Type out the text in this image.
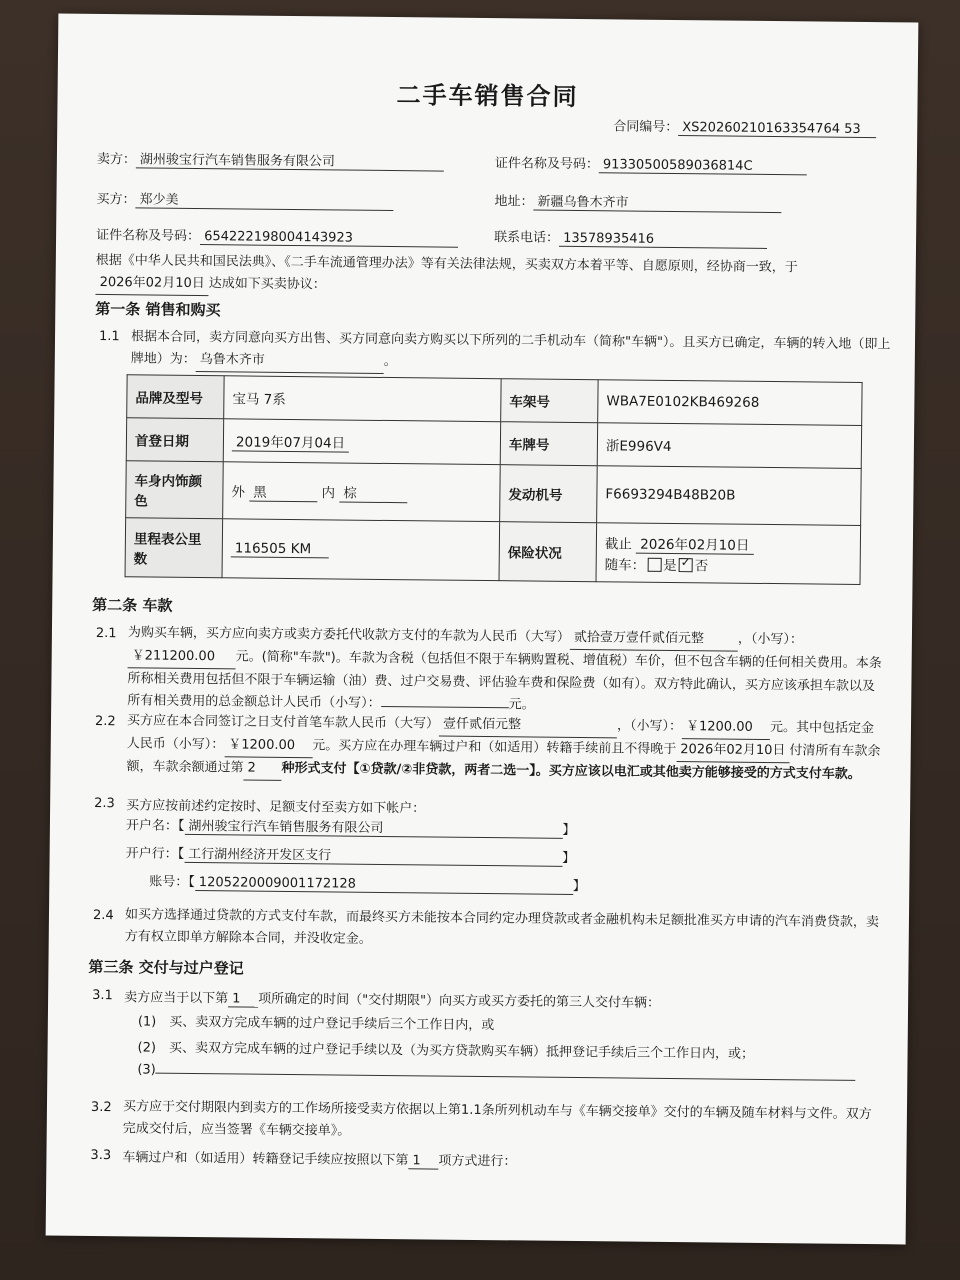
二手车销售合同
合同编号： XS20260210163354764 53
卖方： 湖州骏宝行汽车销售服务有限公司	证件名称及号码： 91330500589036814C
买方： 郑少美	地址： 新疆乌鲁木齐市
证件名称及号码： 654222198004143923	联系电话： 13578935416
根据《中华人民共和国民法典》、《二手车流通管理办法》等有关法律法规，买卖双方本着平等、自愿原则，经协商一致，于2026年02月10日 达成如下买卖协议：
第一条 销售和购买
1.1 根据本合同，卖方同意向买方出售、买方同意向卖方购买以下所列的二手机动车（简称"车辆"）。且买方已确定，车辆的转入地（即上牌地）为： 乌鲁木齐市	。
品牌及型号	宝马 7系	车架号	WBA7E0102KB469268
首登日期	2019年07月04日	车牌号	浙E996V4
车身内饰颜色	外 黑 内 棕	发动机号	F6693294B48B20B
里程表公里数	116505 KM	保险状况	截止 2026年02月10日
随车： 是 ✓ 否
第二条 车款
2.1 为购买车辆，买方应向卖方或卖方委托代收款方支付的车款为人民币（大写） 贰拾壹万壹仟贰佰元整	，（小写）：￥211200.00 元。(简称"车款")。车款为含税（包括但不限于车辆购置税、增值税）车价，但不包含车辆的任何相关费用。本条所称相关费用包括但不限于车辆运输（油）费、过户交易费、评估验车费和保险费（如有）。双方特此确认，买方应该承担车款以及所有相关费用的总金额总计人民币（小写）：	元。
2.2 买方应在本合同签订之日支付首笔车款人民币（大写） 壹仟贰佰元整	，（小写）： ￥1200.00 元。其中包括定金人民币（小写）： ￥1200.00 元。买方应在办理车辆过户和（如适用）转籍手续前且不得晚于 2026年02月10日 付清所有车款余额，车款余额通过第 2 种形式支付【①贷款/②非贷款，两者二选一】。买方应该以电汇或其他卖方能够接受的方式支付车款。
2.3 买方应按前述约定按时、足额支付至卖方如下帐户：
开户名：【 湖州骏宝行汽车销售服务有限公司	】
开户行：【 工行湖州经济开发区支行	】
账号：【 1205220009001172128	】
2.4 如买方选择通过贷款的方式支付车款，而最终买方未能按本合同约定办理贷款或者金融机构未足额批准买方申请的汽车消费贷款，卖方有权立即单方解除本合同，并没收定金。
第三条 交付与过户登记
3.1 卖方应当于以下第 1 项所确定的时间（"交付期限"）向买方或买方委托的第三人交付车辆：
(1)　买、卖双方完成车辆的过户登记手续后三个工作日内，或
(2)　买、卖双方完成车辆的过户登记手续以及（为买方贷款购买车辆）抵押登记手续后三个工作日内，或；
(3)
3.2 买方应于交付期限内到卖方的工作场所接受卖方依据以上第1.1条所列机动车与《车辆交接单》交付的车辆及随车材料与文件。双方完成交付后，应当签署《车辆交接单》。
3.3 车辆过户和（如适用）转籍登记手续应按照以下第 1 项方式进行：
